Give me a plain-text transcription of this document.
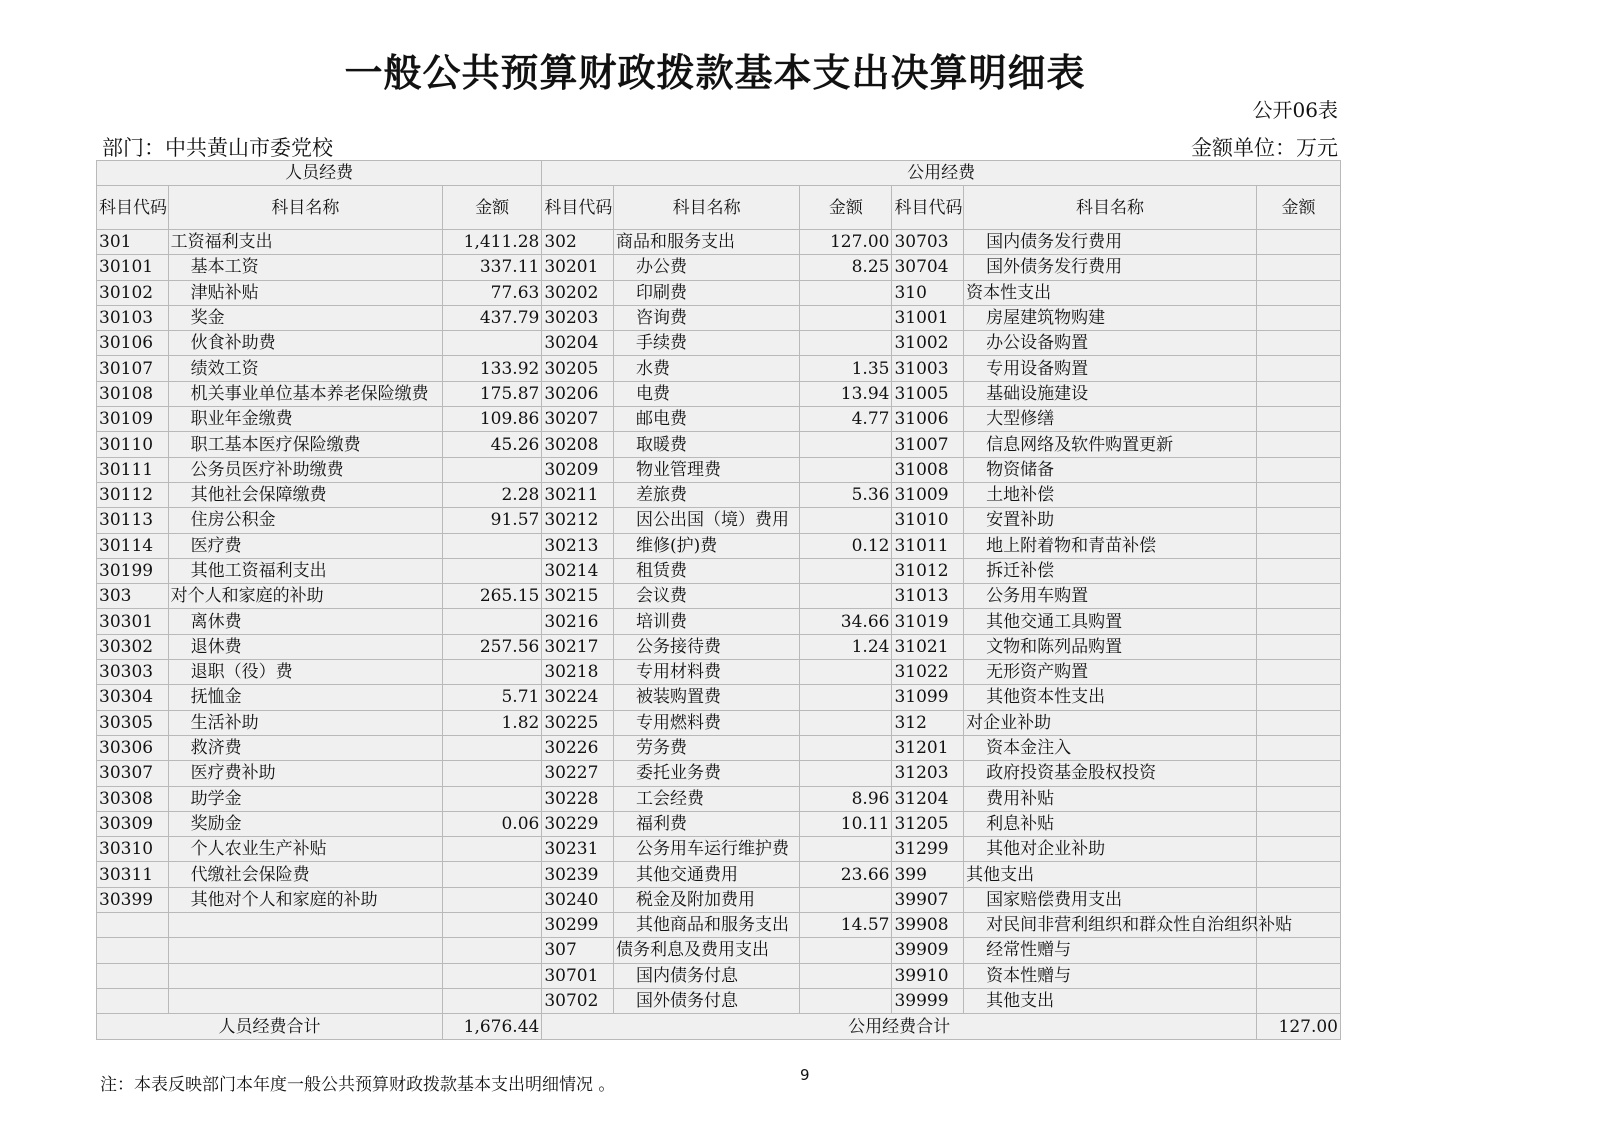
一般公共预算财政拨款基本支出决算明细表
公开06表
部门：中共黄山市委党校	金额单位：万元
人员经费			公用经费					
科目代码	科目名称	金额	科目代码	科目名称	金额	科目代码	科目名称	金额
301	工资福利支出	1,411.28	302	商品和服务支出	127.00	30703	国内债务发行费用	
30101	基本工资	337.11	30201	办公费	8.25	30704	国外债务发行费用	
30102	津贴补贴	77.63	30202	印刷费		310	资本性支出	
30103	奖金	437.79	30203	咨询费		31001	房屋建筑物购建	
30106	伙食补助费		30204	手续费		31002	办公设备购置	
30107	绩效工资	133.92	30205	水费	1.35	31003	专用设备购置	
30108	机关事业单位基本养老保险缴费	175.87	30206	电费	13.94	31005	基础设施建设	
30109	职业年金缴费	109.86	30207	邮电费	4.77	31006	大型修缮	
30110	职工基本医疗保险缴费	45.26	30208	取暖费		31007	信息网络及软件购置更新	
30111	公务员医疗补助缴费		30209	物业管理费		31008	物资储备	
30112	其他社会保障缴费	2.28	30211	差旅费	5.36	31009	土地补偿	
30113	住房公积金	91.57	30212	因公出国（境）费用		31010	安置补助	
30114	医疗费		30213	维修(护)费	0.12	31011	地上附着物和青苗补偿	
30199	其他工资福利支出		30214	租赁费		31012	拆迁补偿	
303	对个人和家庭的补助	265.15	30215	会议费		31013	公务用车购置	
30301	离休费		30216	培训费	34.66	31019	其他交通工具购置	
30302	退休费	257.56	30217	公务接待费	1.24	31021	文物和陈列品购置	
30303	退职（役）费		30218	专用材料费		31022	无形资产购置	
30304	抚恤金	5.71	30224	被装购置费		31099	其他资本性支出	
30305	生活补助	1.82	30225	专用燃料费		312	对企业补助	
30306	救济费		30226	劳务费		31201	资本金注入	
30307	医疗费补助		30227	委托业务费		31203	政府投资基金股权投资	
30308	助学金		30228	工会经费	8.96	31204	费用补贴	
30309	奖励金	0.06	30229	福利费	10.11	31205	利息补贴	
30310	个人农业生产补贴		30231	公务用车运行维护费		31299	其他对企业补助	
30311	代缴社会保险费		30239	其他交通费用	23.66	399	其他支出	
30399	其他对个人和家庭的补助		30240	税金及附加费用		39907	国家赔偿费用支出	
			30299	其他商品和服务支出	14.57	39908	对民间非营利组织和群众性自治组织补贴	
			307	债务利息及费用支出		39909	经常性赠与	
			30701	国内债务付息		39910	资本性赠与	
			30702	国外债务付息		39999	其他支出	
人员经费合计		1,676.44	公用经费合计					127.00
注：本表反映部门本年度一般公共预算财政拨款基本支出明细情况 。	9
